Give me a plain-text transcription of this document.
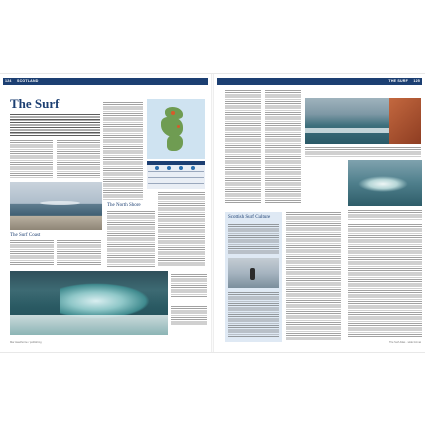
124 SCOTLAND
The Surf
The North Shore
The Surf Coast
Mar Hawthorne / publishing
THE SURF 125
Scottish Surf Culture
The Surf Atlas · wide format
